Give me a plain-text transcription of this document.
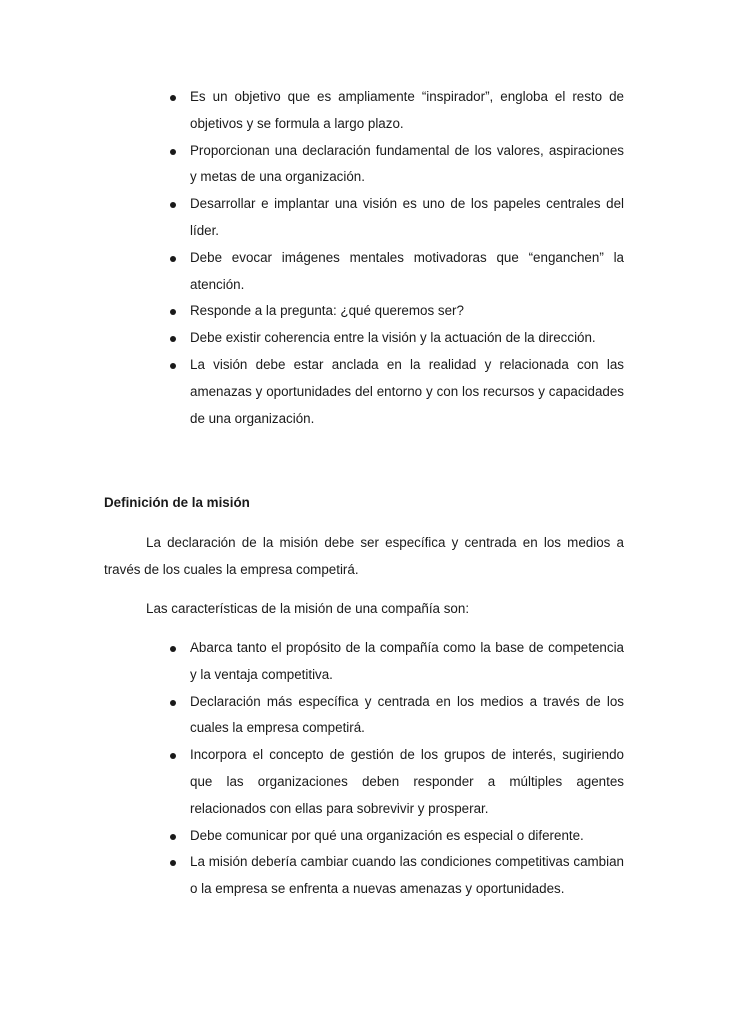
Es un objetivo que es ampliamente “inspirador”, engloba el resto de objetivos y se formula a largo plazo.
Proporcionan una declaración fundamental de los valores, aspiraciones y metas de una organización.
Desarrollar e implantar una visión es uno de los papeles centrales del líder.
Debe evocar imágenes mentales motivadoras que “enganchen” la atención.
Responde a la pregunta: ¿qué queremos ser?
Debe existir coherencia entre la visión y la actuación de la dirección.
La visión debe estar anclada en la realidad y relacionada con las amenazas y oportunidades del entorno y con los recursos y capacidades de una organización.
Definición de la misión

La declaración de la misión debe ser específica y centrada en los medios a través de los cuales la empresa competirá.

Las características de la misión de una compañía son:

Abarca tanto el propósito de la compañía como la base de competencia y la ventaja competitiva.
Declaración más específica y centrada en los medios a través de los cuales la empresa competirá.
Incorpora el concepto de gestión de los grupos de interés, sugiriendo que las organizaciones deben responder a múltiples agentes relacionados con ellas para sobrevivir y prosperar.
Debe comunicar por qué una organización es especial o diferente.
La misión debería cambiar cuando las condiciones competitivas cambian o la empresa se enfrenta a nuevas amenazas y oportunidades.
